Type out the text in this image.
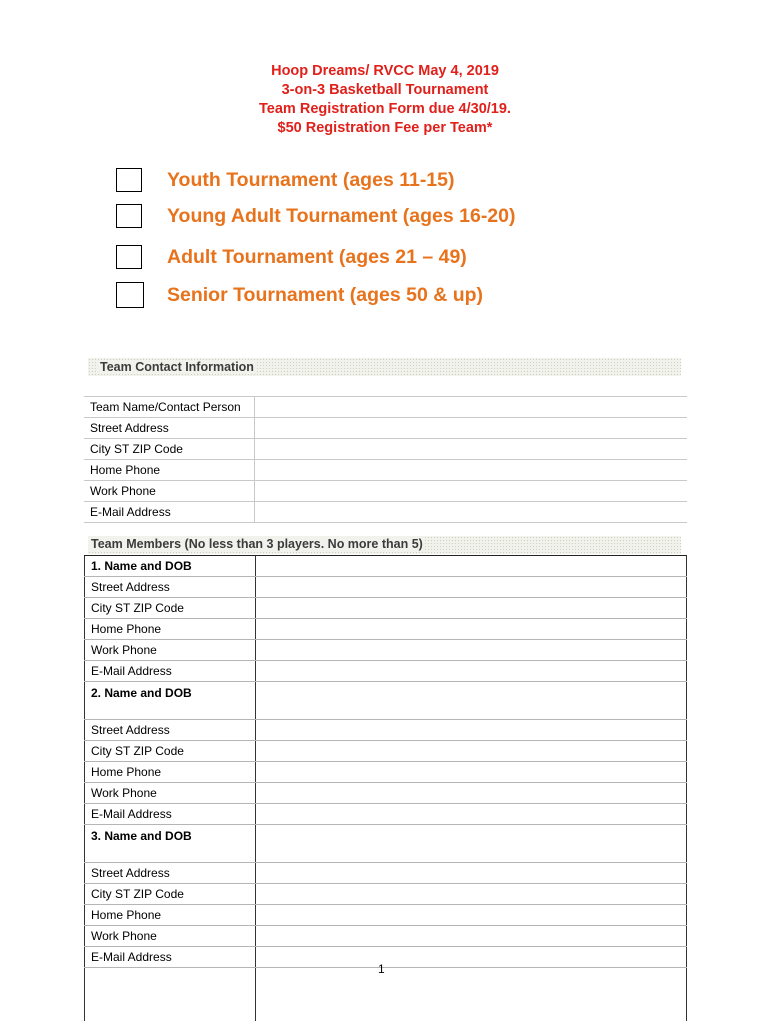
Hoop Dreams/ RVCC May 4, 2019
3-on-3 Basketball Tournament
Team Registration Form due 4/30/19.
$50 Registration Fee per Team*
Youth Tournament (ages 11-15)
Young Adult Tournament (ages 16-20)
Adult Tournament (ages 21 – 49)
Senior Tournament (ages 50 & up)
Team Contact Information
Team Name/Contact Person	
Street Address	
City ST ZIP Code	
Home Phone	
Work Phone	
E-Mail Address	
Team Members (No less than 3 players. No more than 5)
1. Name and DOB	
Street Address	
City ST ZIP Code	
Home Phone	
Work Phone	
E-Mail Address	
2. Name and DOB	
Street Address	
City ST ZIP Code	
Home Phone	
Work Phone	
E-Mail Address	
3. Name and DOB	
Street Address	
City ST ZIP Code	
Home Phone	
Work Phone	
E-Mail Address	

1
